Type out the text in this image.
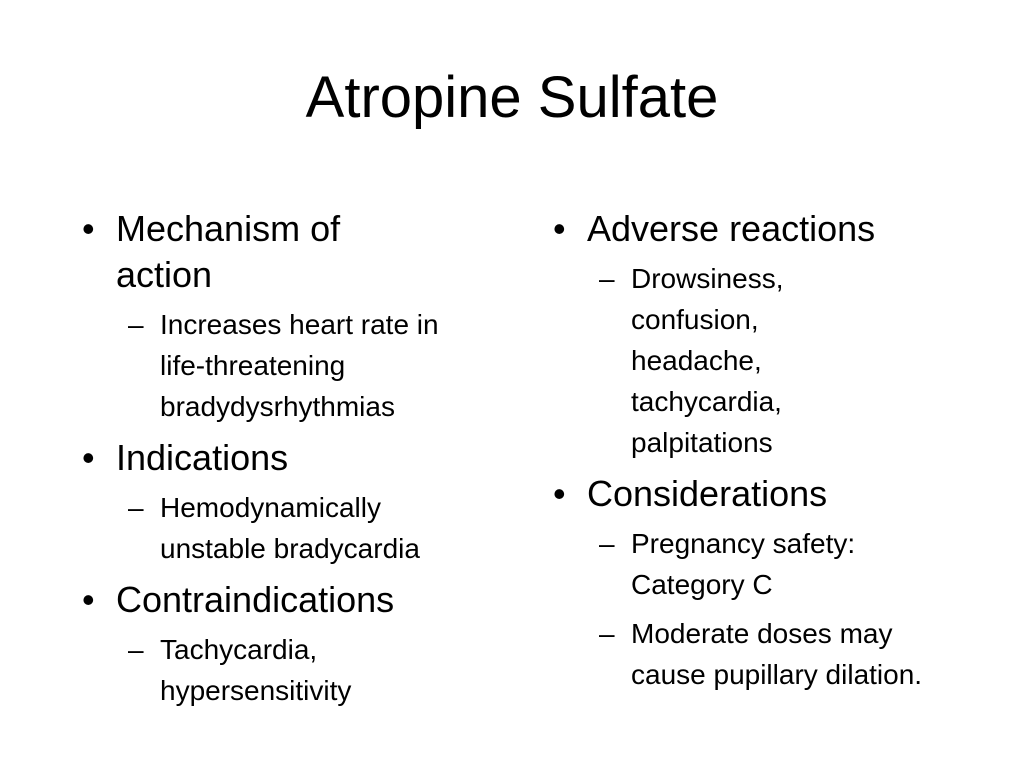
Atropine Sulfate
• Mechanism of action
– Increases heart rate in life-threatening bradydysrhythmias
• Indications
– Hemodynamically unstable bradycardia
• Contraindications
– Tachycardia, hypersensitivity
• Adverse reactions
– Drowsiness, confusion, headache, tachycardia, palpitations
• Considerations
– Pregnancy safety: Category C
– Moderate doses may cause pupillary dilation.
